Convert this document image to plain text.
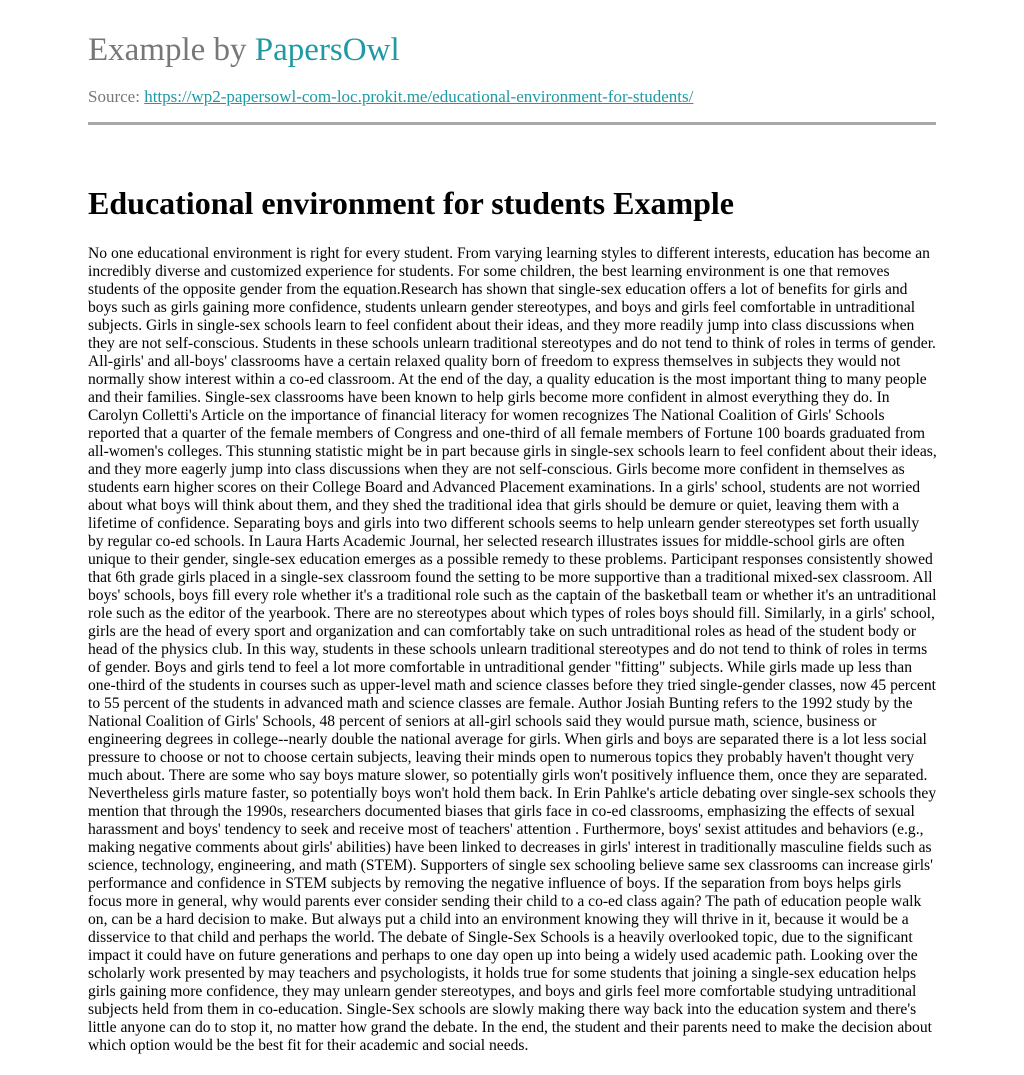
Example by PapersOwl
Source: https://wp2-papersowl-com-loc.prokit.me/educational-environment-for-students/
Educational environment for students Example

No one educational environment is right for every student. From varying learning styles to different interests, education has become an incredibly diverse and customized experience for students. For some children, the best learning environment is one that removes students of the opposite gender from the equation.Research has shown that single-sex education offers a lot of benefits for girls and boys such as girls gaining more confidence, students unlearn gender stereotypes, and boys and girls feel comfortable in untraditional subjects. Girls in single-sex schools learn to feel confident about their ideas, and they more readily jump into class discussions when they are not self-conscious. Students in these schools unlearn traditional stereotypes and do not tend to think of roles in terms of gender. All-girls' and all-boys' classrooms have a certain relaxed quality born of freedom to express themselves in subjects they would not normally show interest within a co-ed classroom. At the end of the day, a quality education is the most important thing to many people and their families. Single-sex classrooms have been known to help girls become more confident in almost everything they do. In Carolyn Colletti's Article on the importance of financial literacy for women recognizes The National Coalition of Girls' Schools reported that a quarter of the female members of Congress and one-third of all female members of Fortune 100 boards graduated from all-women's colleges. This stunning statistic might be in part because girls in single-sex schools learn to feel confident about their ideas, and they more eagerly jump into class discussions when they are not self-conscious. Girls become more confident in themselves as students earn higher scores on their College Board and Advanced Placement examinations. In a girls' school, students are not worried about what boys will think about them, and they shed the traditional idea that girls should be demure or quiet, leaving them with a lifetime of confidence. Separating boys and girls into two different schools seems to help unlearn gender stereotypes set forth usually by regular co-ed schools. In Laura Harts Academic Journal, her selected research illustrates issues for middle-school girls are often unique to their gender, single-sex education emerges as a possible remedy to these problems. Participant responses consistently showed that 6th grade girls placed in a single-sex classroom found the setting to be more supportive than a traditional mixed-sex classroom. All boys' schools, boys fill every role whether it's a traditional role such as the captain of the basketball team or whether it's an untraditional role such as the editor of the yearbook. There are no stereotypes about which types of roles boys should fill. Similarly, in a girls' school, girls are the head of every sport and organization and can comfortably take on such untraditional roles as head of the student body or head of the physics club. In this way, students in these schools unlearn traditional stereotypes and do not tend to think of roles in terms of gender. Boys and girls tend to feel a lot more comfortable in untraditional gender "fitting" subjects. While girls made up less than one-third of the students in courses such as upper-level math and science classes before they tried single-gender classes, now 45 percent to 55 percent of the students in advanced math and science classes are female. Author Josiah Bunting refers to the 1992 study by the National Coalition of Girls' Schools, 48 percent of seniors at all-girl schools said they would pursue math, science, business or engineering degrees in college--nearly double the national average for girls. When girls and boys are separated there is a lot less social pressure to choose or not to choose certain subjects, leaving their minds open to numerous topics they probably haven't thought very much about. There are some who say boys mature slower, so potentially girls won't positively influence them, once they are separated. Nevertheless girls mature faster, so potentially boys won't hold them back. In Erin Pahlke's article debating over single-sex schools they mention that through the 1990s, researchers documented biases that girls face in co-ed classrooms, emphasizing the effects of sexual harassment and boys' tendency to seek and receive most of teachers' attention . Furthermore, boys' sexist attitudes and behaviors (e.g., making negative comments about girls' abilities) have been linked to decreases in girls' interest in traditionally masculine fields such as science, technology, engineering, and math (STEM). Supporters of single sex schooling believe same sex classrooms can increase girls' performance and confidence in STEM subjects by removing the negative influence of boys. If the separation from boys helps girls focus more in general, why would parents ever consider sending their child to a co-ed class again? The path of education people walk on, can be a hard decision to make. But always put a child into an environment knowing they will thrive in it, because it would be a disservice to that child and perhaps the world. The debate of Single-Sex Schools is a heavily overlooked topic, due to the significant impact it could have on future generations and perhaps to one day open up into being a widely used academic path. Looking over the scholarly work presented by may teachers and psychologists, it holds true for some students that joining a single-sex education helps girls gaining more confidence, they may unlearn gender stereotypes, and boys and girls feel more comfortable studying untraditional subjects held from them in co-education. Single-Sex schools are slowly making there way back into the education system and there's little anyone can do to stop it, no matter how grand the debate. In the end, the student and their parents need to make the decision about which option would be the best fit for their academic and social needs.
